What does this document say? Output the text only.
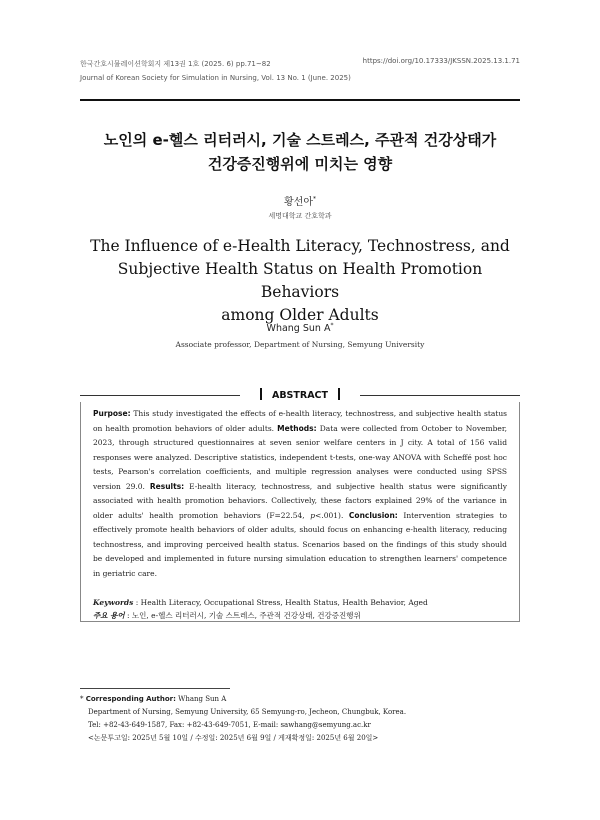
한국간호시뮬레이션학회지 제13권 1호 (2025. 6) pp.71~82
Journal of Korean Society for Simulation in Nursing, Vol. 13 No. 1 (June. 2025)
https://doi.org/10.17333/JKSSN.2025.13.1.71
노인의 e-헬스 리터러시, 기술 스트레스, 주관적 건강상태가
건강증진행위에 미치는 영향
황선아*
세명대학교 간호학과
The Influence of e-Health Literacy, Technostress, and
Subjective Health Status on Health Promotion Behaviors
among Older Adults
Whang Sun A*
Associate professor, Department of Nursing, Semyung University
ABSTRACT
Purpose: This study investigated the effects of e-health literacy, technostress, and subjective health status on health promotion behaviors of older adults. Methods: Data were collected from October to November, 2023, through structured questionnaires at seven senior welfare centers in J city. A total of 156 valid responses were analyzed. Descriptive statistics, independent t-tests, one-way ANOVA with Scheffé post hoc tests, Pearson's correlation coefficients, and multiple regression analyses were conducted using SPSS version 29.0. Results: E-health literacy, technostress, and subjective health status were significantly associated with health promotion behaviors. Collectively, these factors explained 29% of the variance in older adults' health promotion behaviors (F=22.54, p<.001). Conclusion: Intervention strategies to effectively promote health behaviors of older adults, should focus on enhancing e-health literacy, reducing technostress, and improving perceived health status. Scenarios based on the findings of this study should be developed and implemented in future nursing simulation education to strengthen learners' competence in geriatric care.
Keywords : Health Literacy, Occupational Stress, Health Status, Health Behavior, Aged
주요 용어 : 노인, e-헬스 리터러시, 기술 스트레스, 주관적 건강상태, 건강증진행위
* Corresponding Author: Whang Sun A
Department of Nursing, Semyung University, 65 Semyung-ro, Jecheon, Chungbuk, Korea.
Tel: +82-43-649-1587, Fax: +82-43-649-7051, E-mail: sawhang@semyung.ac.kr
<논문투고일: 2025년 5월 10일 / 수정일: 2025년 6월 9일 / 게재확정일: 2025년 6월 20일>
